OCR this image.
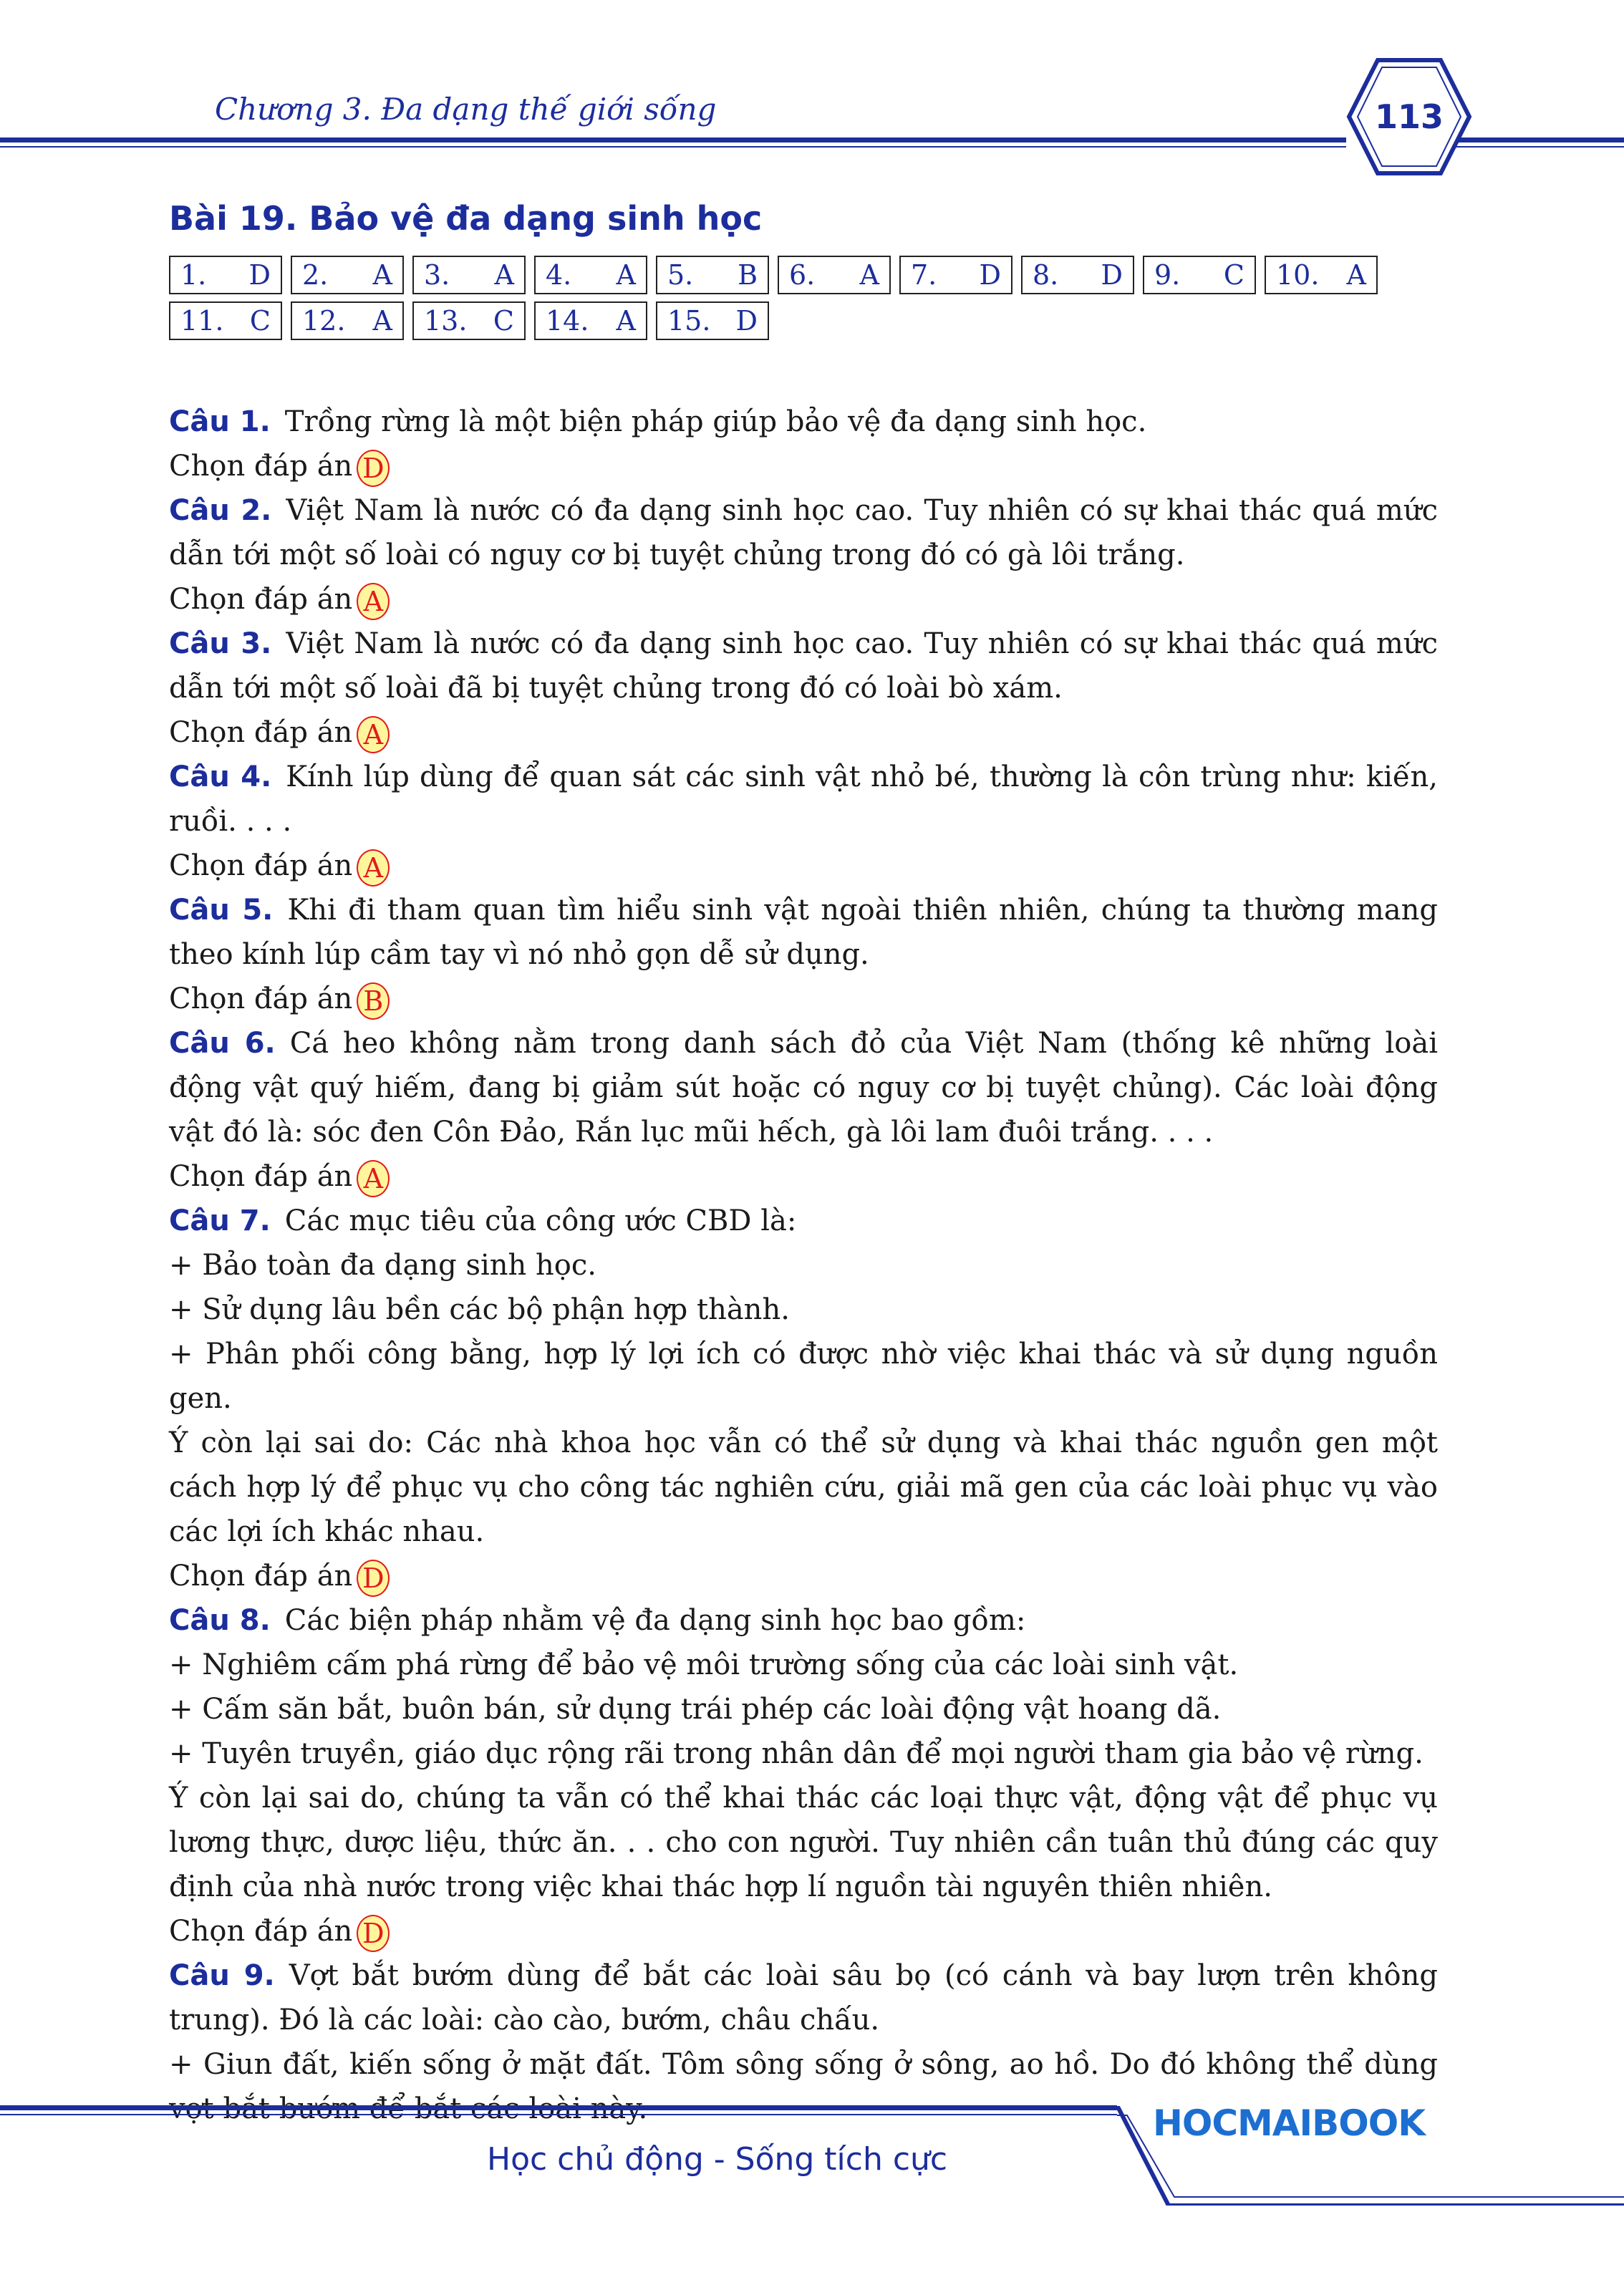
Chương 3. Đa dạng thế giới sống	113
Bài 19. Bảo vệ đa dạng sinh học
1. D 2. A 3. A 4. A 5. B 6. A 7. D 8. D 9. C 10. A
11. C 12. A 13. C 14. A 15. D

Câu 1.  Trồng rừng là một biện pháp giúp bảo vệ đa dạng sinh học.

Chọn đáp án D

Câu 2.  Việt Nam là nước có đa dạng sinh học cao. Tuy nhiên có sự khai thác quá mức dẫn tới một số loài có nguy cơ bị tuyệt chủng trong đó có gà lôi trắng.

Chọn đáp án A

Câu 3.  Việt Nam là nước có đa dạng sinh học cao. Tuy nhiên có sự khai thác quá mức dẫn tới một số loài đã bị tuyệt chủng trong đó có loài bò xám.

Chọn đáp án A

Câu 4.  Kính lúp dùng để quan sát các sinh vật nhỏ bé, thường là côn trùng như: kiến, ruồi. . . .

Chọn đáp án A

Câu 5.  Khi đi tham quan tìm hiểu sinh vật ngoài thiên nhiên, chúng ta thường mang theo kính lúp cầm tay vì nó nhỏ gọn dễ sử dụng.

Chọn đáp án B

Câu 6.  Cá heo không nằm trong danh sách đỏ của Việt Nam (thống kê những loài động vật quý hiếm, đang bị giảm sút hoặc có nguy cơ bị tuyệt chủng). Các loài động vật đó là: sóc đen Côn Đảo, Rắn lục mũi hếch, gà lôi lam đuôi trắng. . . .

Chọn đáp án A

Câu 7.  Các mục tiêu của công ước CBD là:

+ Bảo toàn đa dạng sinh học.

+ Sử dụng lâu bền các bộ phận hợp thành.

+ Phân phối công bằng, hợp lý lợi ích có được nhờ việc khai thác và sử dụng nguồn gen.

Ý còn lại sai do: Các nhà khoa học vẫn có thể sử dụng và khai thác nguồn gen một cách hợp lý để phục vụ cho công tác nghiên cứu, giải mã gen của các loài phục vụ vào các lợi ích khác nhau.

Chọn đáp án D

Câu 8.  Các biện pháp nhằm vệ đa dạng sinh học bao gồm:

+ Nghiêm cấm phá rừng để bảo vệ môi trường sống của các loài sinh vật.

+ Cấm săn bắt, buôn bán, sử dụng trái phép các loài động vật hoang dã.

+ Tuyên truyền, giáo dục rộng rãi trong nhân dân để mọi người tham gia bảo vệ rừng.

Ý còn lại sai do, chúng ta vẫn có thể khai thác các loại thực vật, động vật để phục vụ lương thực, dược liệu, thức ăn. . . cho con người. Tuy nhiên cần tuân thủ đúng các quy định của nhà nước trong việc khai thác hợp lí nguồn tài nguyên thiên nhiên.

Chọn đáp án D

Câu 9.  Vợt bắt bướm dùng để bắt các loài sâu bọ (có cánh và bay lượn trên không trung). Đó là các loài: cào cào, bướm, châu chấu.

+ Giun đất, kiến sống ở mặt đất. Tôm sông sống ở sông, ao hồ. Do đó không thể dùng vợt bắt bướm để bắt các loài này.	HOCMAIBOOK
Học chủ động - Sống tích cực
